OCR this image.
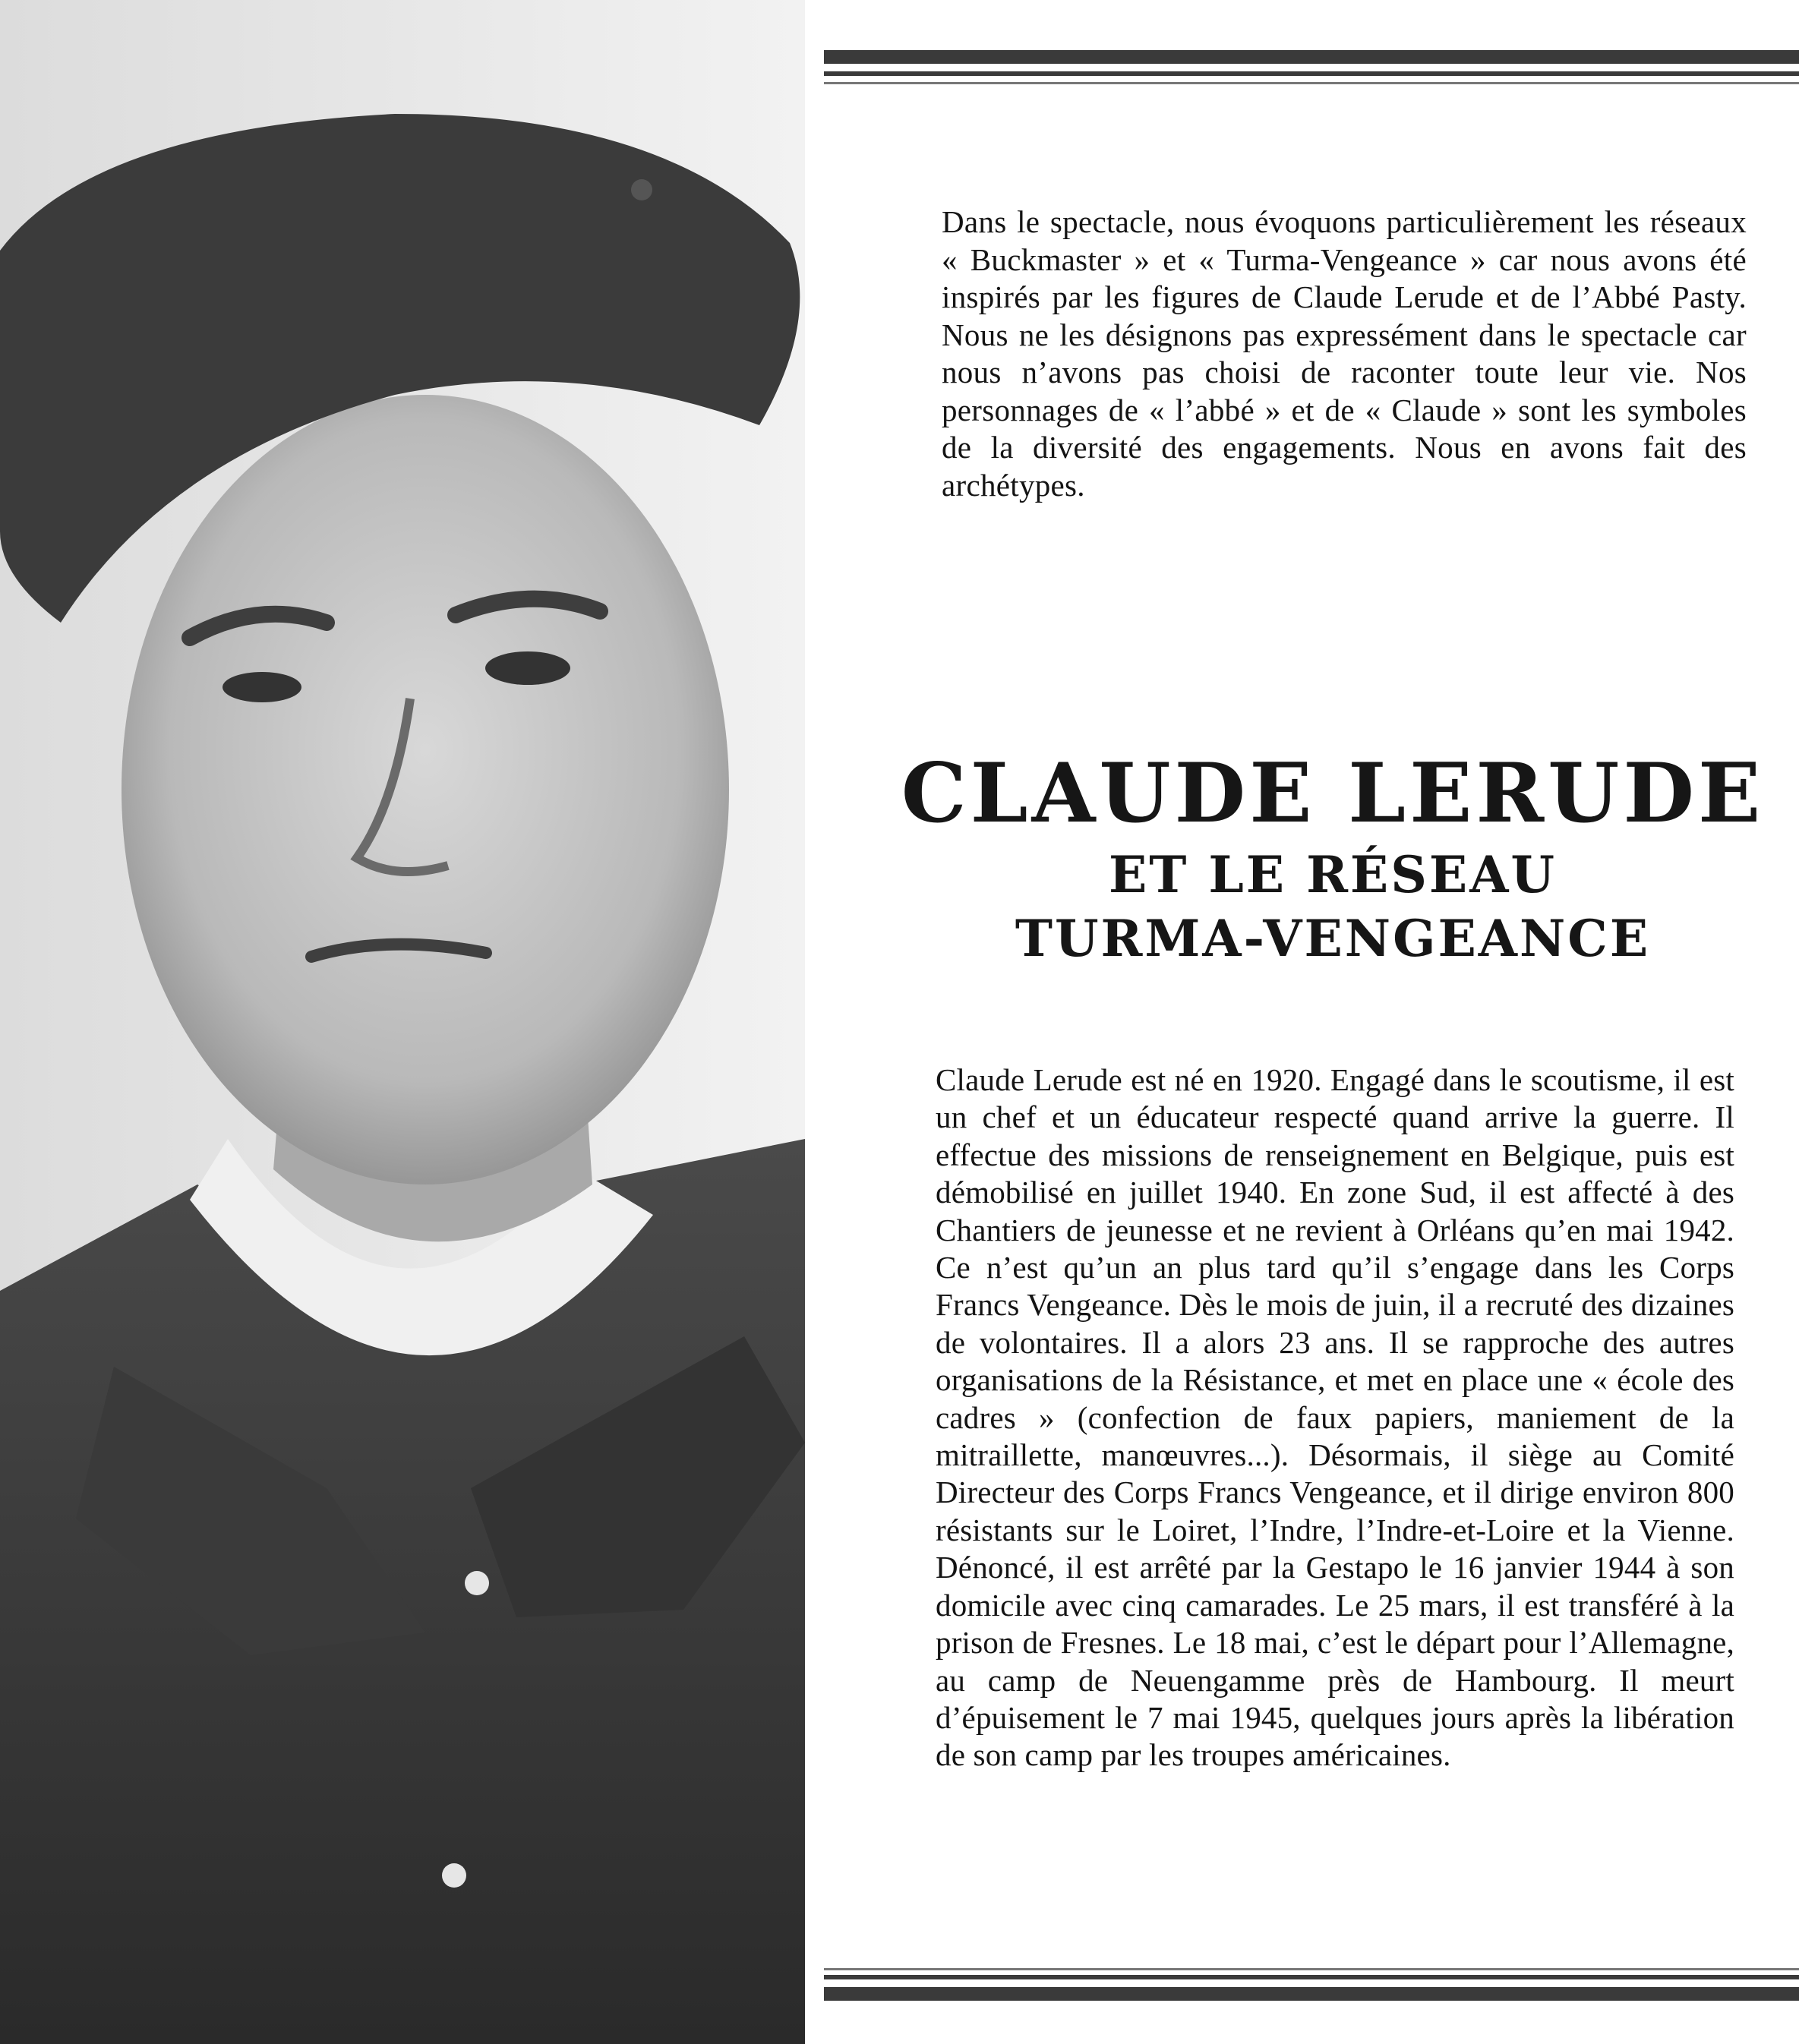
Dans le spectacle, nous évoquons particulièrement les réseaux « Buckmaster » et « Turma-Vengeance » car nous avons été inspirés par les figures de Claude Lerude et de l’Abbé Pasty. Nous ne les désignons pas expressément dans le spectacle car nous n’avons pas choisi de raconter toute leur vie. Nos personnages de « l’abbé » et de « Claude » sont les symboles de la diversité des engagements. Nous en avons fait des archétypes.

CLAUDE LERUDE
ET LE RÉSEAU
TURMA-VENGEANCE

Claude Lerude est né en 1920. Engagé dans le scoutisme, il est un chef et un éducateur respecté quand arrive la guerre. Il effectue des missions de renseignement en Belgique, puis est démobilisé en juillet 1940. En zone Sud, il est affecté à des Chantiers de jeunesse et ne revient à Orléans qu’en mai 1942. Ce n’est qu’un an plus tard qu’il s’engage dans les Corps Francs Vengeance. Dès le mois de juin, il a recruté des dizaines de volontaires. Il a alors 23 ans. Il se rapproche des autres organisations de la Résistance, et met en place une « école des cadres » (confection de faux papiers, maniement de la mitraillette, manœuvres...). Désormais, il siège au Comité Directeur des Corps Francs Vengeance, et il dirige environ 800 résistants sur le Loiret, l’Indre, l’Indre-et-Loire et la Vienne. Dénoncé, il est arrêté par la Gestapo le 16 janvier 1944 à son domicile avec cinq camarades. Le 25 mars, il est transféré à la prison de Fresnes. Le 18 mai, c’est le départ pour l’Allemagne, au camp de Neuengamme près de Hambourg. Il meurt d’épuisement le 7 mai 1945, quelques jours après la libération de son camp par les troupes américaines.
